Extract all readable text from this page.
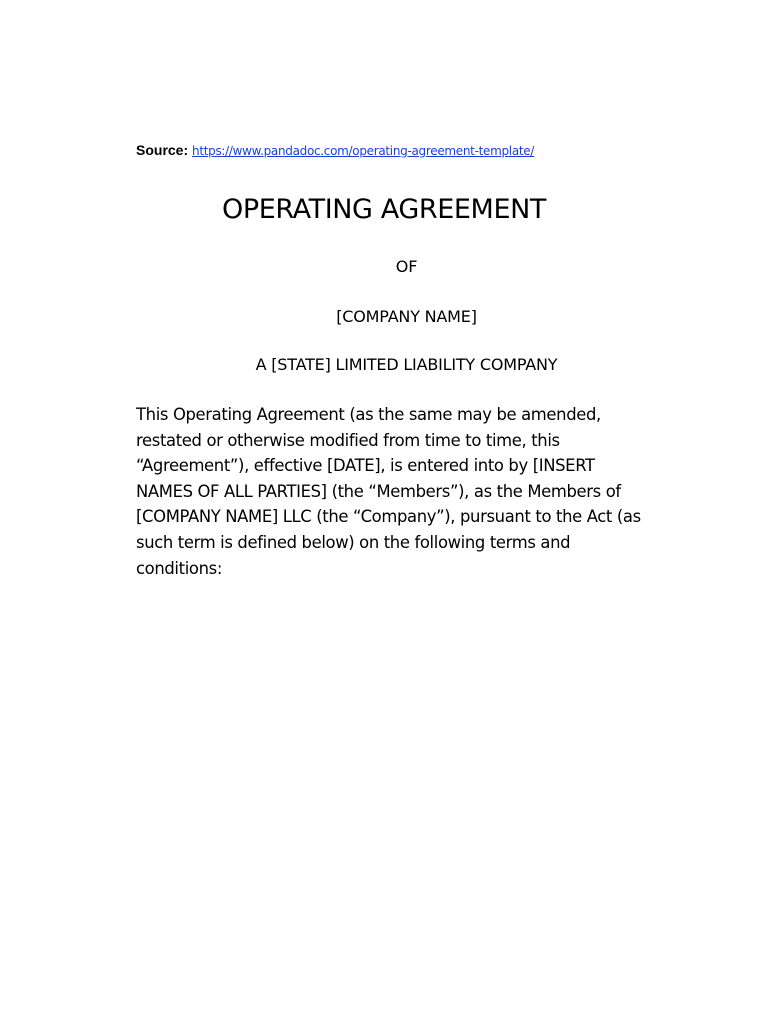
Source: https://www.pandadoc.com/operating-agreement-template/
OPERATING AGREEMENT
OF
[COMPANY NAME]
A [STATE] LIMITED LIABILITY COMPANY
This Operating Agreement (as the same may be amended,
restated or otherwise modified from time to time, this
“Agreement”), effective [DATE], is entered into by [INSERT
NAMES OF ALL PARTIES] (the “Members”), as the Members of
[COMPANY NAME] LLC (the “Company”), pursuant to the Act (as
such term is defined below) on the following terms and
conditions:
